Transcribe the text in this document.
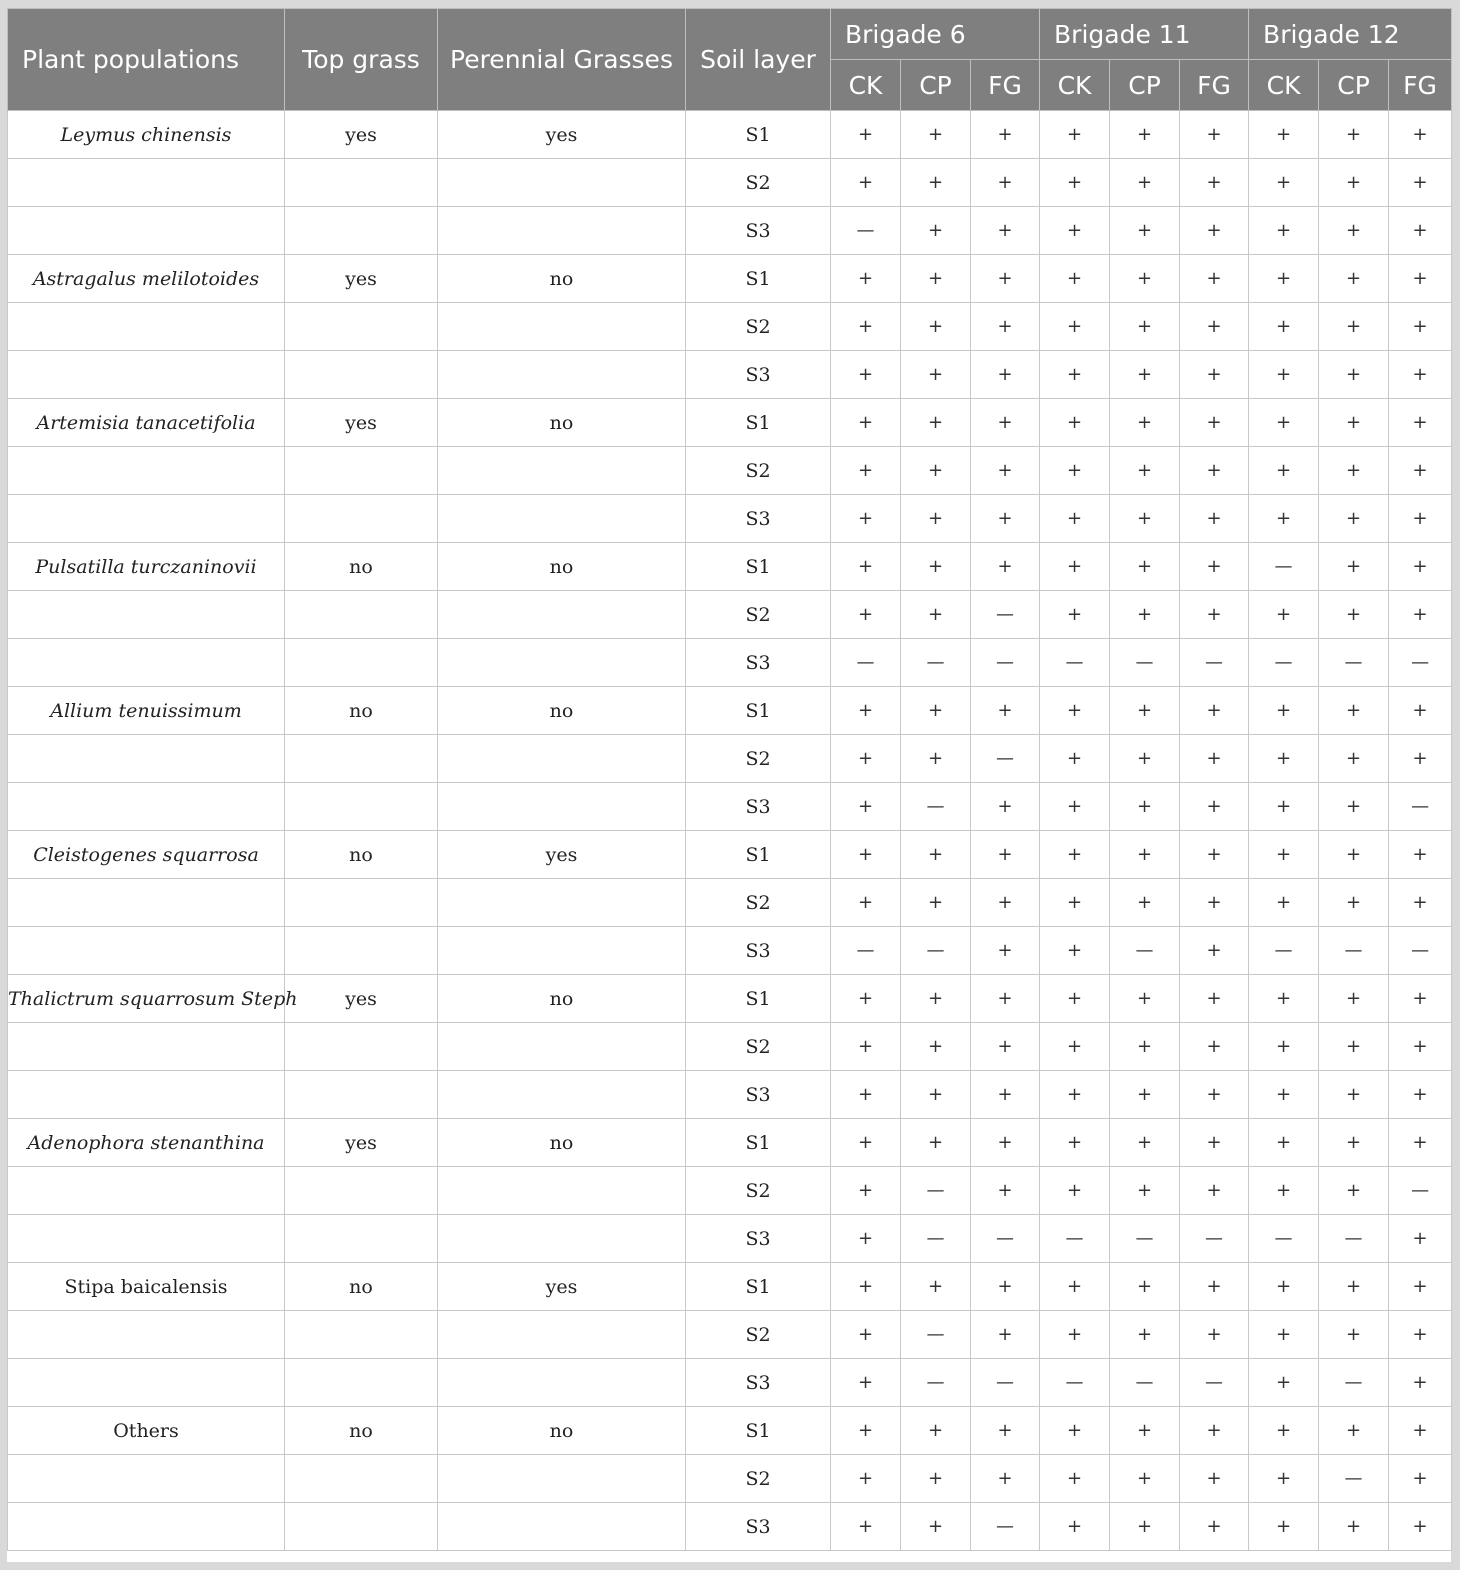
Plant populations	Top grass	Perennial Grasses	Soil layer	Brigade 6			Brigade 11			Brigade 12		
				CK	CP	FG	CK	CP	FG	CK	CP	FG
Leymus chinensis	yes	yes	S1	+	+	+	+	+	+	+	+	+
			S2	+	+	+	+	+	+	+	+	+
			S3	—	+	+	+	+	+	+	+	+
Astragalus melilotoides	yes	no	S1	+	+	+	+	+	+	+	+	+
			S2	+	+	+	+	+	+	+	+	+
			S3	+	+	+	+	+	+	+	+	+
Artemisia tanacetifolia	yes	no	S1	+	+	+	+	+	+	+	+	+
			S2	+	+	+	+	+	+	+	+	+
			S3	+	+	+	+	+	+	+	+	+
Pulsatilla turczaninovii	no	no	S1	+	+	+	+	+	+	—	+	+
			S2	+	+	—	+	+	+	+	+	+
			S3	—	—	—	—	—	—	—	—	—
Allium tenuissimum	no	no	S1	+	+	+	+	+	+	+	+	+
			S2	+	+	—	+	+	+	+	+	+
			S3	+	—	+	+	+	+	+	+	—
Cleistogenes squarrosa	no	yes	S1	+	+	+	+	+	+	+	+	+
			S2	+	+	+	+	+	+	+	+	+
			S3	—	—	+	+	—	+	—	—	—
Thalictrum squarrosum Steph	yes	no	S1	+	+	+	+	+	+	+	+	+
			S2	+	+	+	+	+	+	+	+	+
			S3	+	+	+	+	+	+	+	+	+
Adenophora stenanthina	yes	no	S1	+	+	+	+	+	+	+	+	+
			S2	+	—	+	+	+	+	+	+	—
			S3	+	—	—	—	—	—	—	—	+
Stipa baicalensis	no	yes	S1	+	+	+	+	+	+	+	+	+
			S2	+	—	+	+	+	+	+	+	+
			S3	+	—	—	—	—	—	+	—	+
Others	no	no	S1	+	+	+	+	+	+	+	+	+
			S2	+	+	+	+	+	+	+	—	+
			S3	+	+	—	+	+	+	+	+	+
